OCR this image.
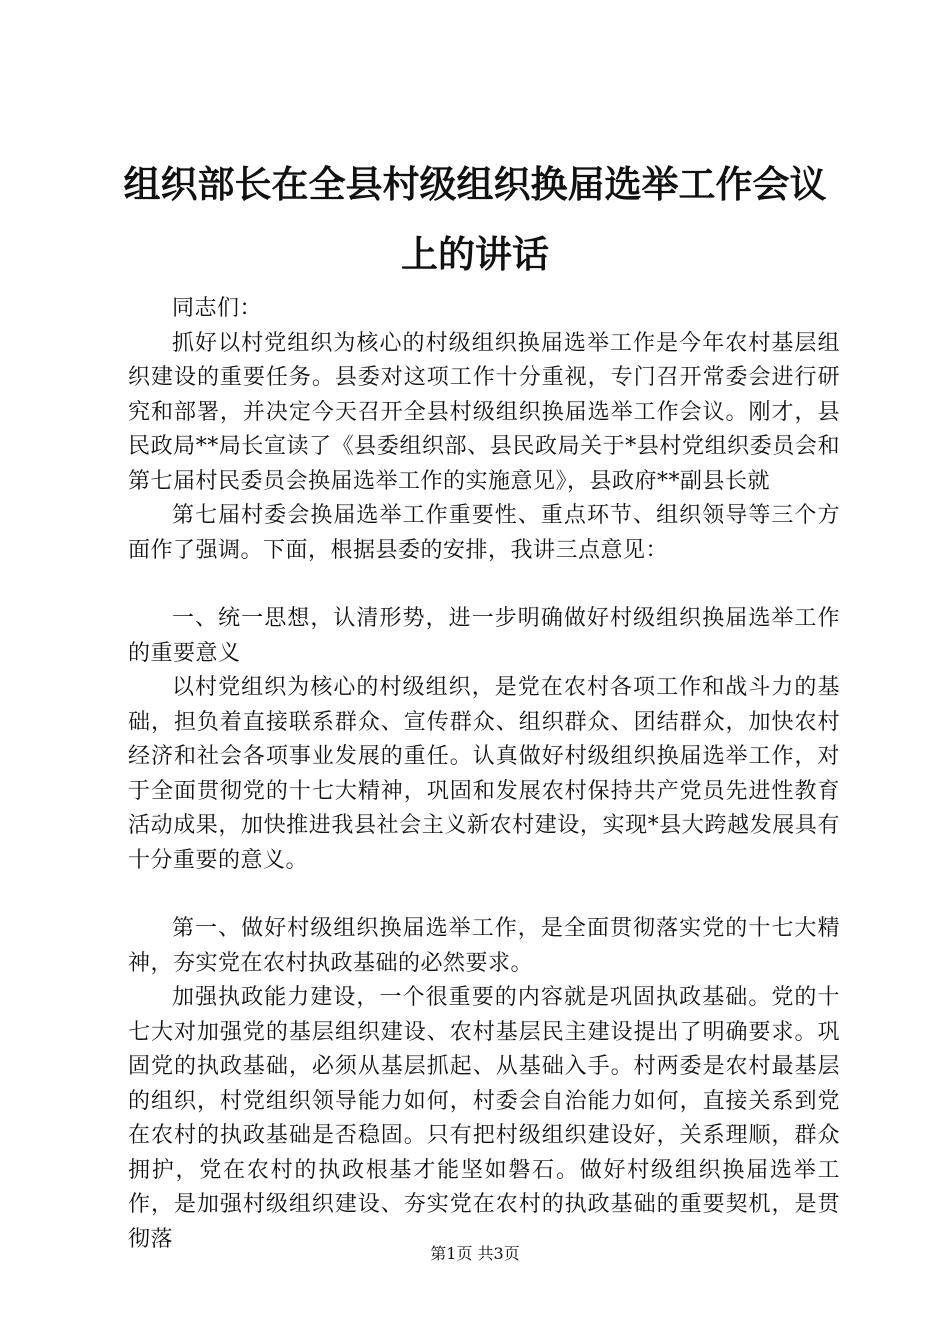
组织部长在全县村级组织换届选举工作会议上的讲话

同志们：

抓好以村党组织为核心的村级组织换届选举工作是今年农村基层组织建设的重要任务。县委对这项工作十分重视，专门召开常委会进行研究和部署，并决定今天召开全县村级组织换届选举工作会议。刚才，县民政局**局长宣读了《县委组织部、县民政局关于*县村党组织委员会和第七届村民委员会换届选举工作的实施意见》，县政府**副县长就

第七届村委会换届选举工作重要性、重点环节、组织领导等三个方面作了强调。下面，根据县委的安排，我讲三点意见：

一、统一思想，认清形势，进一步明确做好村级组织换届选举工作的重要意义

以村党组织为核心的村级组织，是党在农村各项工作和战斗力的基础，担负着直接联系群众、宣传群众、组织群众、团结群众，加快农村经济和社会各项事业发展的重任。认真做好村级组织换届选举工作，对于全面贯彻党的十七大精神，巩固和发展农村保持共产党员先进性教育活动成果，加快推进我县社会主义新农村建设，实现*县大跨越发展具有十分重要的意义。

第一、做好村级组织换届选举工作，是全面贯彻落实党的十七大精神，夯实党在农村执政基础的必然要求。

加强执政能力建设，一个很重要的内容就是巩固执政基础。党的十七大对加强党的基层组织建设、农村基层民主建设提出了明确要求。巩固党的执政基础，必须从基层抓起、从基础入手。村两委是农村最基层的组织，村党组织领导能力如何，村委会自治能力如何，直接关系到党在农村的执政基础是否稳固。只有把村级组织建设好，关系理顺，群众拥护，党在农村的执政根基才能坚如磐石。做好村级组织换届选举工作，是加强村级组织建设、夯实党在农村的执政基础的重要契机，是贯彻落

第1页 共3页
